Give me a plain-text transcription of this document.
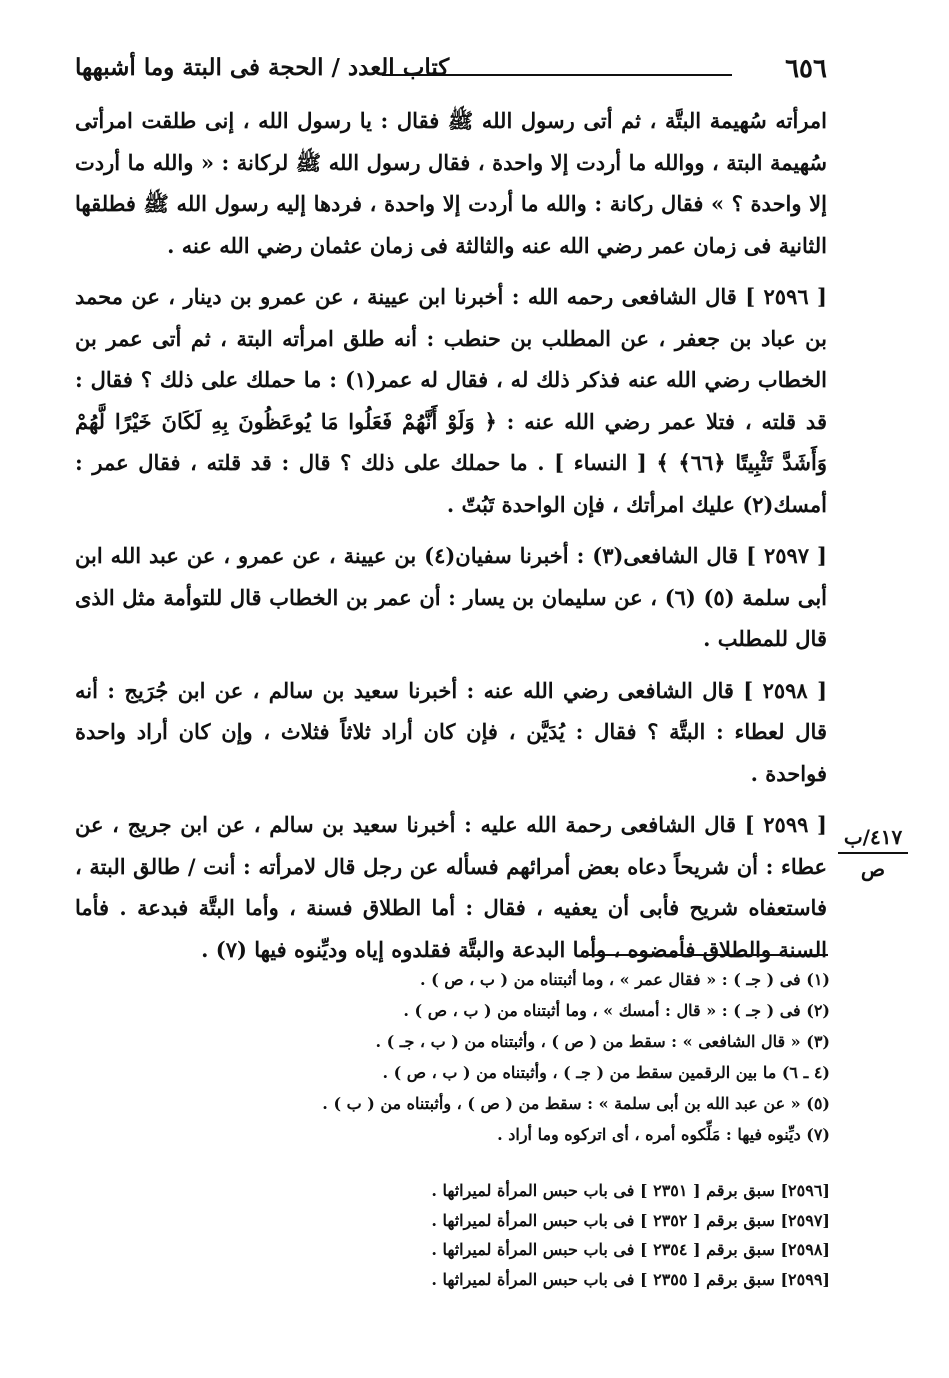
٦٥٦
كتاب العدد / الحجة فى البتة وما أشبهها

امرأته سُهيمة البتَّة ، ثم أتى رسول الله ﷺ فقال : يا رسول الله ، إنى طلقت امرأتى سُهيمة البتة ، ووالله ما أردت إلا واحدة ، فقال رسول الله ﷺ لركانة : « والله ما أردت إلا واحدة ؟ » فقال ركانة : والله ما أردت إلا واحدة ، فردها إليه رسول الله ﷺ فطلقها الثانية فى زمان عمر رضي الله عنه والثالثة فى زمان عثمان رضي الله عنه .

[ ٢٥٩٦ ] قال الشافعى رحمه الله : أخبرنا ابن عيينة ، عن عمرو بن دينار ، عن محمد بن عباد بن جعفر ، عن المطلب بن حنطب : أنه طلق امرأته البتة ، ثم أتى عمر بن الخطاب رضي الله عنه فذكر ذلك له ، فقال له عمر(١) : ما حملك على ذلك ؟ فقال : قد قلته ، فتلا عمر رضي الله عنه : ﴿ وَلَوْ أَنَّهُمْ فَعَلُوا مَا يُوعَظُونَ بِهِ لَكَانَ خَيْرًا لَّهُمْ وَأَشَدَّ تَثْبِيتًا ﴿٦٦﴾ ﴾ [ النساء ] . ما حملك على ذلك ؟ قال : قد قلته ، فقال عمر : أمسك(٢) عليك امرأتك ، فإن الواحدة تَبُتّ .

[ ٢٥٩٧ ] قال الشافعى(٣) : أخبرنا سفيان(٤) بن عيينة ، عن عمرو ، عن عبد الله ابن أبى سلمة (٥) (٦) ، عن سليمان بن يسار : أن عمر بن الخطاب قال للتوأمة مثل الذى قال للمطلب .

[ ٢٥٩٨ ] قال الشافعى رضي الله عنه : أخبرنا سعيد بن سالم ، عن ابن جُرَيج : أنه قال لعطاء : البتَّة ؟ فقال : يُدَيَّن ، فإن كان أراد ثلاثاً فثلاث ، وإن كان أراد واحدة فواحدة .

[ ٢٥٩٩ ] قال الشافعى رحمة الله عليه : أخبرنا سعيد بن سالم ، عن ابن جريج ، عن عطاء : أن شريحاً دعاه بعض أمرائهم فسأله عن رجل قال لامرأته : أنت / طالق البتة ، فاستعفاه شريح فأبى أن يعفيه ، فقال : أما الطلاق فسنة ، وأما البتَّة فبدعة . فأما السنة والطلاق فأمضوه ، وأما البدعة والبتَّة فقلدوه إياه وديِّنوه فيها (٧) .

٤١٧/ب
ص
(١) فى ( جـ ) : « فقال عمر » ، وما أثبتناه من ( ب ، ص ) .
(٢) فى ( جـ ) : « قال : أمسك » ، وما أثبتناه من ( ب ، ص ) .
(٣) « قال الشافعى » : سقط من ( ص ) ، وأثبتناه من ( ب ، جـ ) .
(٤ ـ ٦) ما بين الرقمين سقط من ( جـ ) ، وأثبتناه من ( ب ، ص ) .
(٥) « عن عبد الله بن أبى سلمة » : سقط من ( ص ) ، وأثبتناه من ( ب ) .
(٧) ديِّنوه فيها : مَلِّكوه أمره ، أى اتركوه وما أراد .
[٢٥٩٦] سبق برقم [ ٢٣٥١ ] فى باب حبس المرأة لميراثها .
[٢٥٩٧] سبق برقم [ ٢٣٥٢ ] فى باب حبس المرأة لميراثها .
[٢٥٩٨] سبق برقم [ ٢٣٥٤ ] فى باب حبس المرأة لميراثها .
[٢٥٩٩] سبق برقم [ ٢٣٥٥ ] فى باب حبس المرأة لميراثها .
